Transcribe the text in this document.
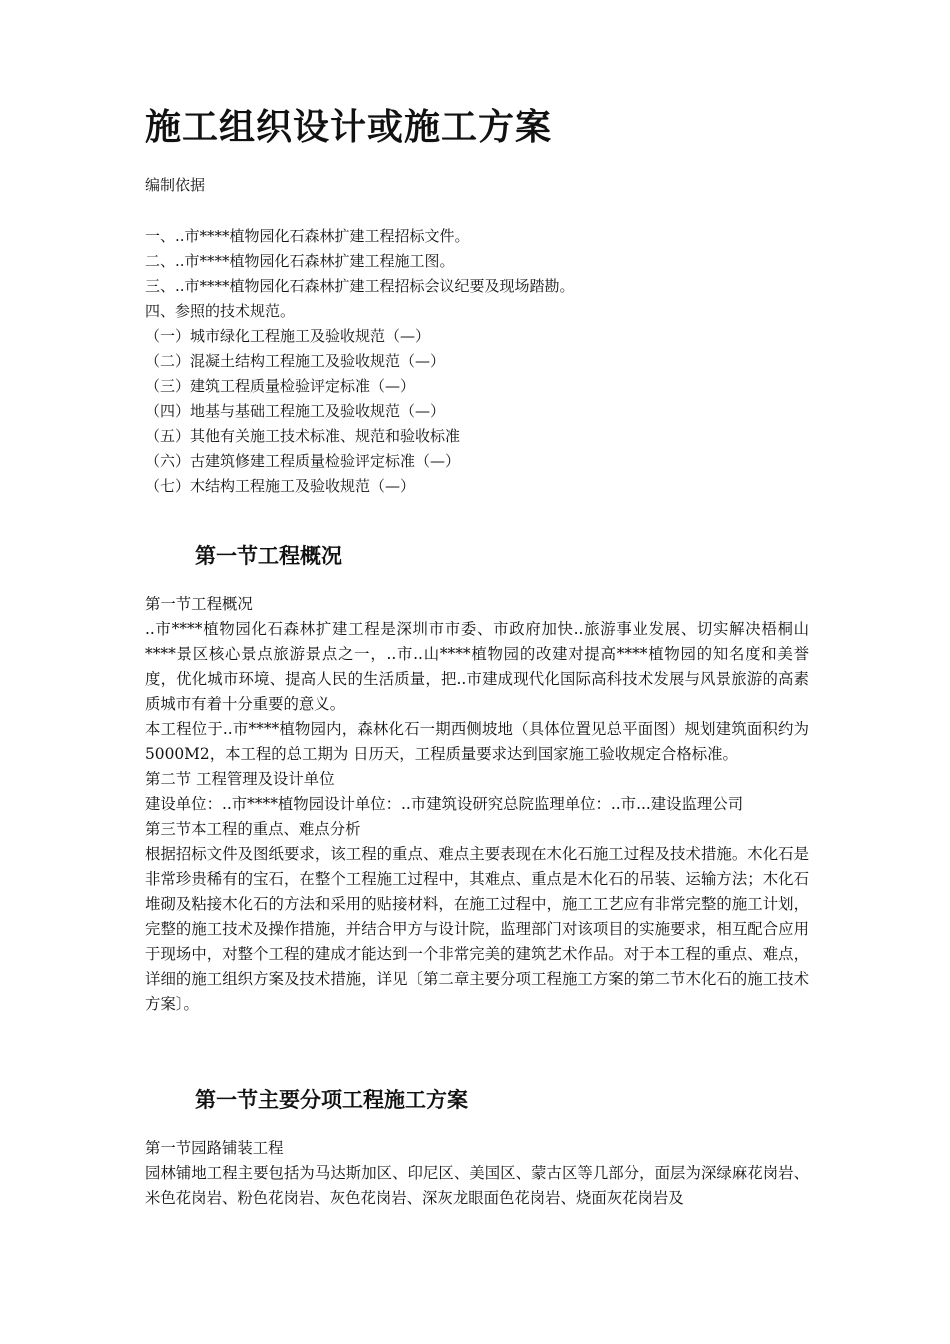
施工组织设计或施工方案
编制依据

一、..市****植物园化石森林扩建工程招标文件。

二、..市****植物园化石森林扩建工程施工图。

三、..市****植物园化石森林扩建工程招标会议纪要及现场踏勘。

四、参照的技术规范。

（一）城市绿化工程施工及验收规范（—）

（二）混凝土结构工程施工及验收规范（—）

（三）建筑工程质量检验评定标准（—）

（四）地基与基础工程施工及验收规范（—）

（五）其他有关施工技术标准、规范和验收标准

（六）古建筑修建工程质量检验评定标准（—）

（七）木结构工程施工及验收规范（—）

第一节工程概况

第一节工程概况

..市****植物园化石森林扩建工程是深圳市市委、市政府加快..旅游事业发展、切实解决梧桐山****景区核心景点旅游景点之一，..市..山****植物园的改建对提高****植物园的知名度和美誉度，优化城市环境、提高人民的生活质量，把..市建成现代化国际高科技术发展与风景旅游的高素质城市有着十分重要的意义。

本工程位于..市****植物园内，森林化石一期西侧坡地（具体位置见总平面图）规划建筑面积约为5000M2，本工程的总工期为 日历天，工程质量要求达到国家施工验收规定合格标准。

第二节 工程管理及设计单位

建设单位：..市****植物园设计单位：..市建筑设研究总院监理单位：..市...建设监理公司

第三节本工程的重点、难点分析

根据招标文件及图纸要求，该工程的重点、难点主要表现在木化石施工过程及技术措施。木化石是非常珍贵稀有的宝石，在整个工程施工过程中，其难点、重点是木化石的吊装、运输方法；木化石堆砌及粘接木化石的方法和采用的贴接材料，在施工过程中，施工工艺应有非常完整的施工计划，完整的施工技术及操作措施，并结合甲方与设计院，监理部门对该项目的实施要求，相互配合应用于现场中，对整个工程的建成才能达到一个非常完美的建筑艺术作品。对于本工程的重点、难点，详细的施工组织方案及技术措施，详见〔第二章主要分项工程施工方案的第二节木化石的施工技术方案〕。

第一节主要分项工程施工方案

第一节园路铺装工程

园林铺地工程主要包括为马达斯加区、印尼区、美国区、蒙古区等几部分，面层为深绿麻花岗岩、米色花岗岩、粉色花岗岩、灰色花岗岩、深灰龙眼面色花岗岩、烧面灰花岗岩及
